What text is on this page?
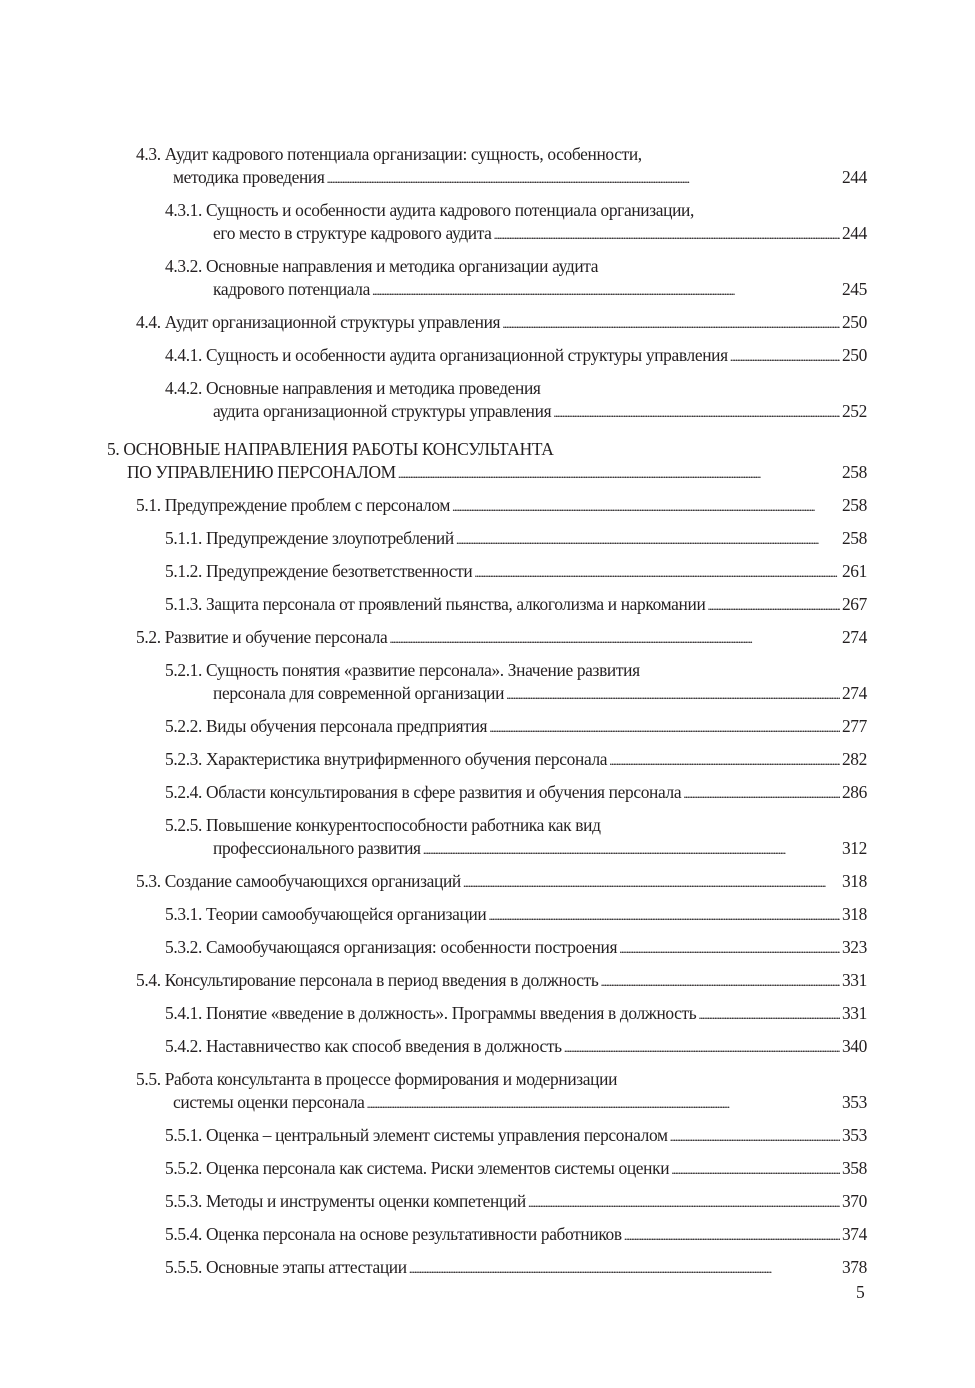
4.3. Аудит кадрового потенциала организации: сущность, особенности,
методика проведения . . .	244
4.3.1. Сущность и особенности аудита кадрового потенциала организации,
его место в структуре кадрового аудита . . .	244
4.3.2. Основные направления и методика организации аудита
кадрового потенциала . . .	245
4.4. Аудит организационной структуры управления . . .	250
4.4.1. Сущность и особенности аудита организационной структуры управления . . .	250
4.4.2. Основные направления и методика проведения
аудита организационной структуры управления . . .	252
5. ОСНОВНЫЕ НАПРАВЛЕНИЯ РАБОТЫ КОНСУЛЬТАНТА
ПО УПРАВЛЕНИЮ ПЕРСОНАЛОМ . . .	258
5.1. Предупреждение проблем с персоналом . . .	258
5.1.1. Предупреждение злоупотреблений . . .	258
5.1.2. Предупреждение безответственности . . .	261
5.1.3. Защита персонала от проявлений пьянства, алкоголизма и наркомании . . .	267
5.2. Развитие и обучение персонала . . .	274
5.2.1. Сущность понятия «развитие персонала». Значение развития
персонала для современной организации . . .	274
5.2.2. Виды обучения персонала предприятия . . .	277
5.2.3. Характеристика внутрифирменного обучения персонала . . .	282
5.2.4. Области консультирования в сфере развития и обучения персонала . . .	286
5.2.5. Повышение конкурентоспособности работника как вид
профессионального развития . . .	312
5.3. Создание самообучающихся организаций . . .	318
5.3.1. Теории самообучающейся организации . . .	318
5.3.2. Самообучающаяся организация: особенности построения . . .	323
5.4. Консультирование персонала в период введения в должность . . .	331
5.4.1. Понятие «введение в должность». Программы введения в должность . . .	331
5.4.2. Наставничество как способ введения в должность . . .	340
5.5. Работа консультанта в процессе формирования и модернизации
системы оценки персонала . . .	353
5.5.1. Оценка – центральный элемент системы управления персоналом . . .	353
5.5.2. Оценка персонала как система. Риски элементов системы оценки . . .	358
5.5.3. Методы и инструменты оценки компетенций . . .	370
5.5.4. Оценка персонала на основе результативности работников . . .	374
5.5.5. Основные этапы аттестации . . .	378
5
